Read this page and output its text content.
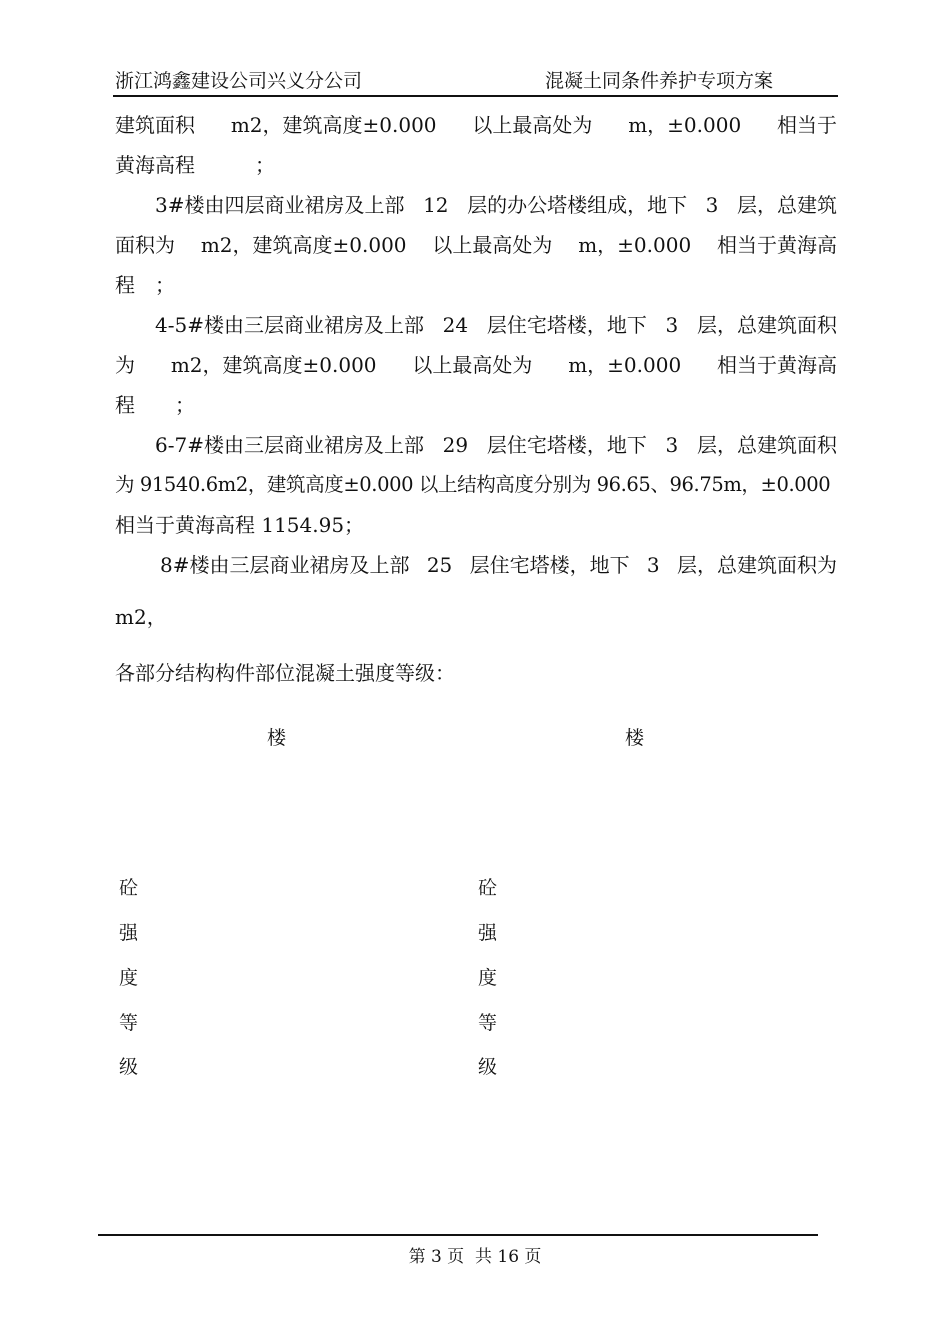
浙江鸿鑫建设公司兴义分公司	混凝土同条件养护专项方案
建筑面积 m2，建筑高度±0.000 以上最高处为 m，±0.000 相当于
黄海高程　　　；
3#楼由四层商业裙房及上部 12 层的办公塔楼组成，地下 3 层，总建筑
面积为 m2，建筑高度±0.000 以上最高处为 m，±0.000 相当于黄海高
程　；
4-5#楼由三层商业裙房及上部 24 层住宅塔楼，地下 3 层，总建筑面积
为 m2，建筑高度±0.000 以上最高处为 m，±0.000 相当于黄海高
程　　；
6-7#楼由三层商业裙房及上部 29 层住宅塔楼，地下 3 层，总建筑面积
为 91540.6m2，建筑高度±0.000 以上结构高度分别为 96.65、96.75m，±0.000
相当于黄海高程 1154.95；
8#楼由三层商业裙房及上部 25 层住宅塔楼，地下 3 层，总建筑面积为
m2，
各部分结构构件部位混凝土强度等级：
楼	楼
砼
强
度
等
级
砼
强
度
等
级
第 3 页  共 16 页
